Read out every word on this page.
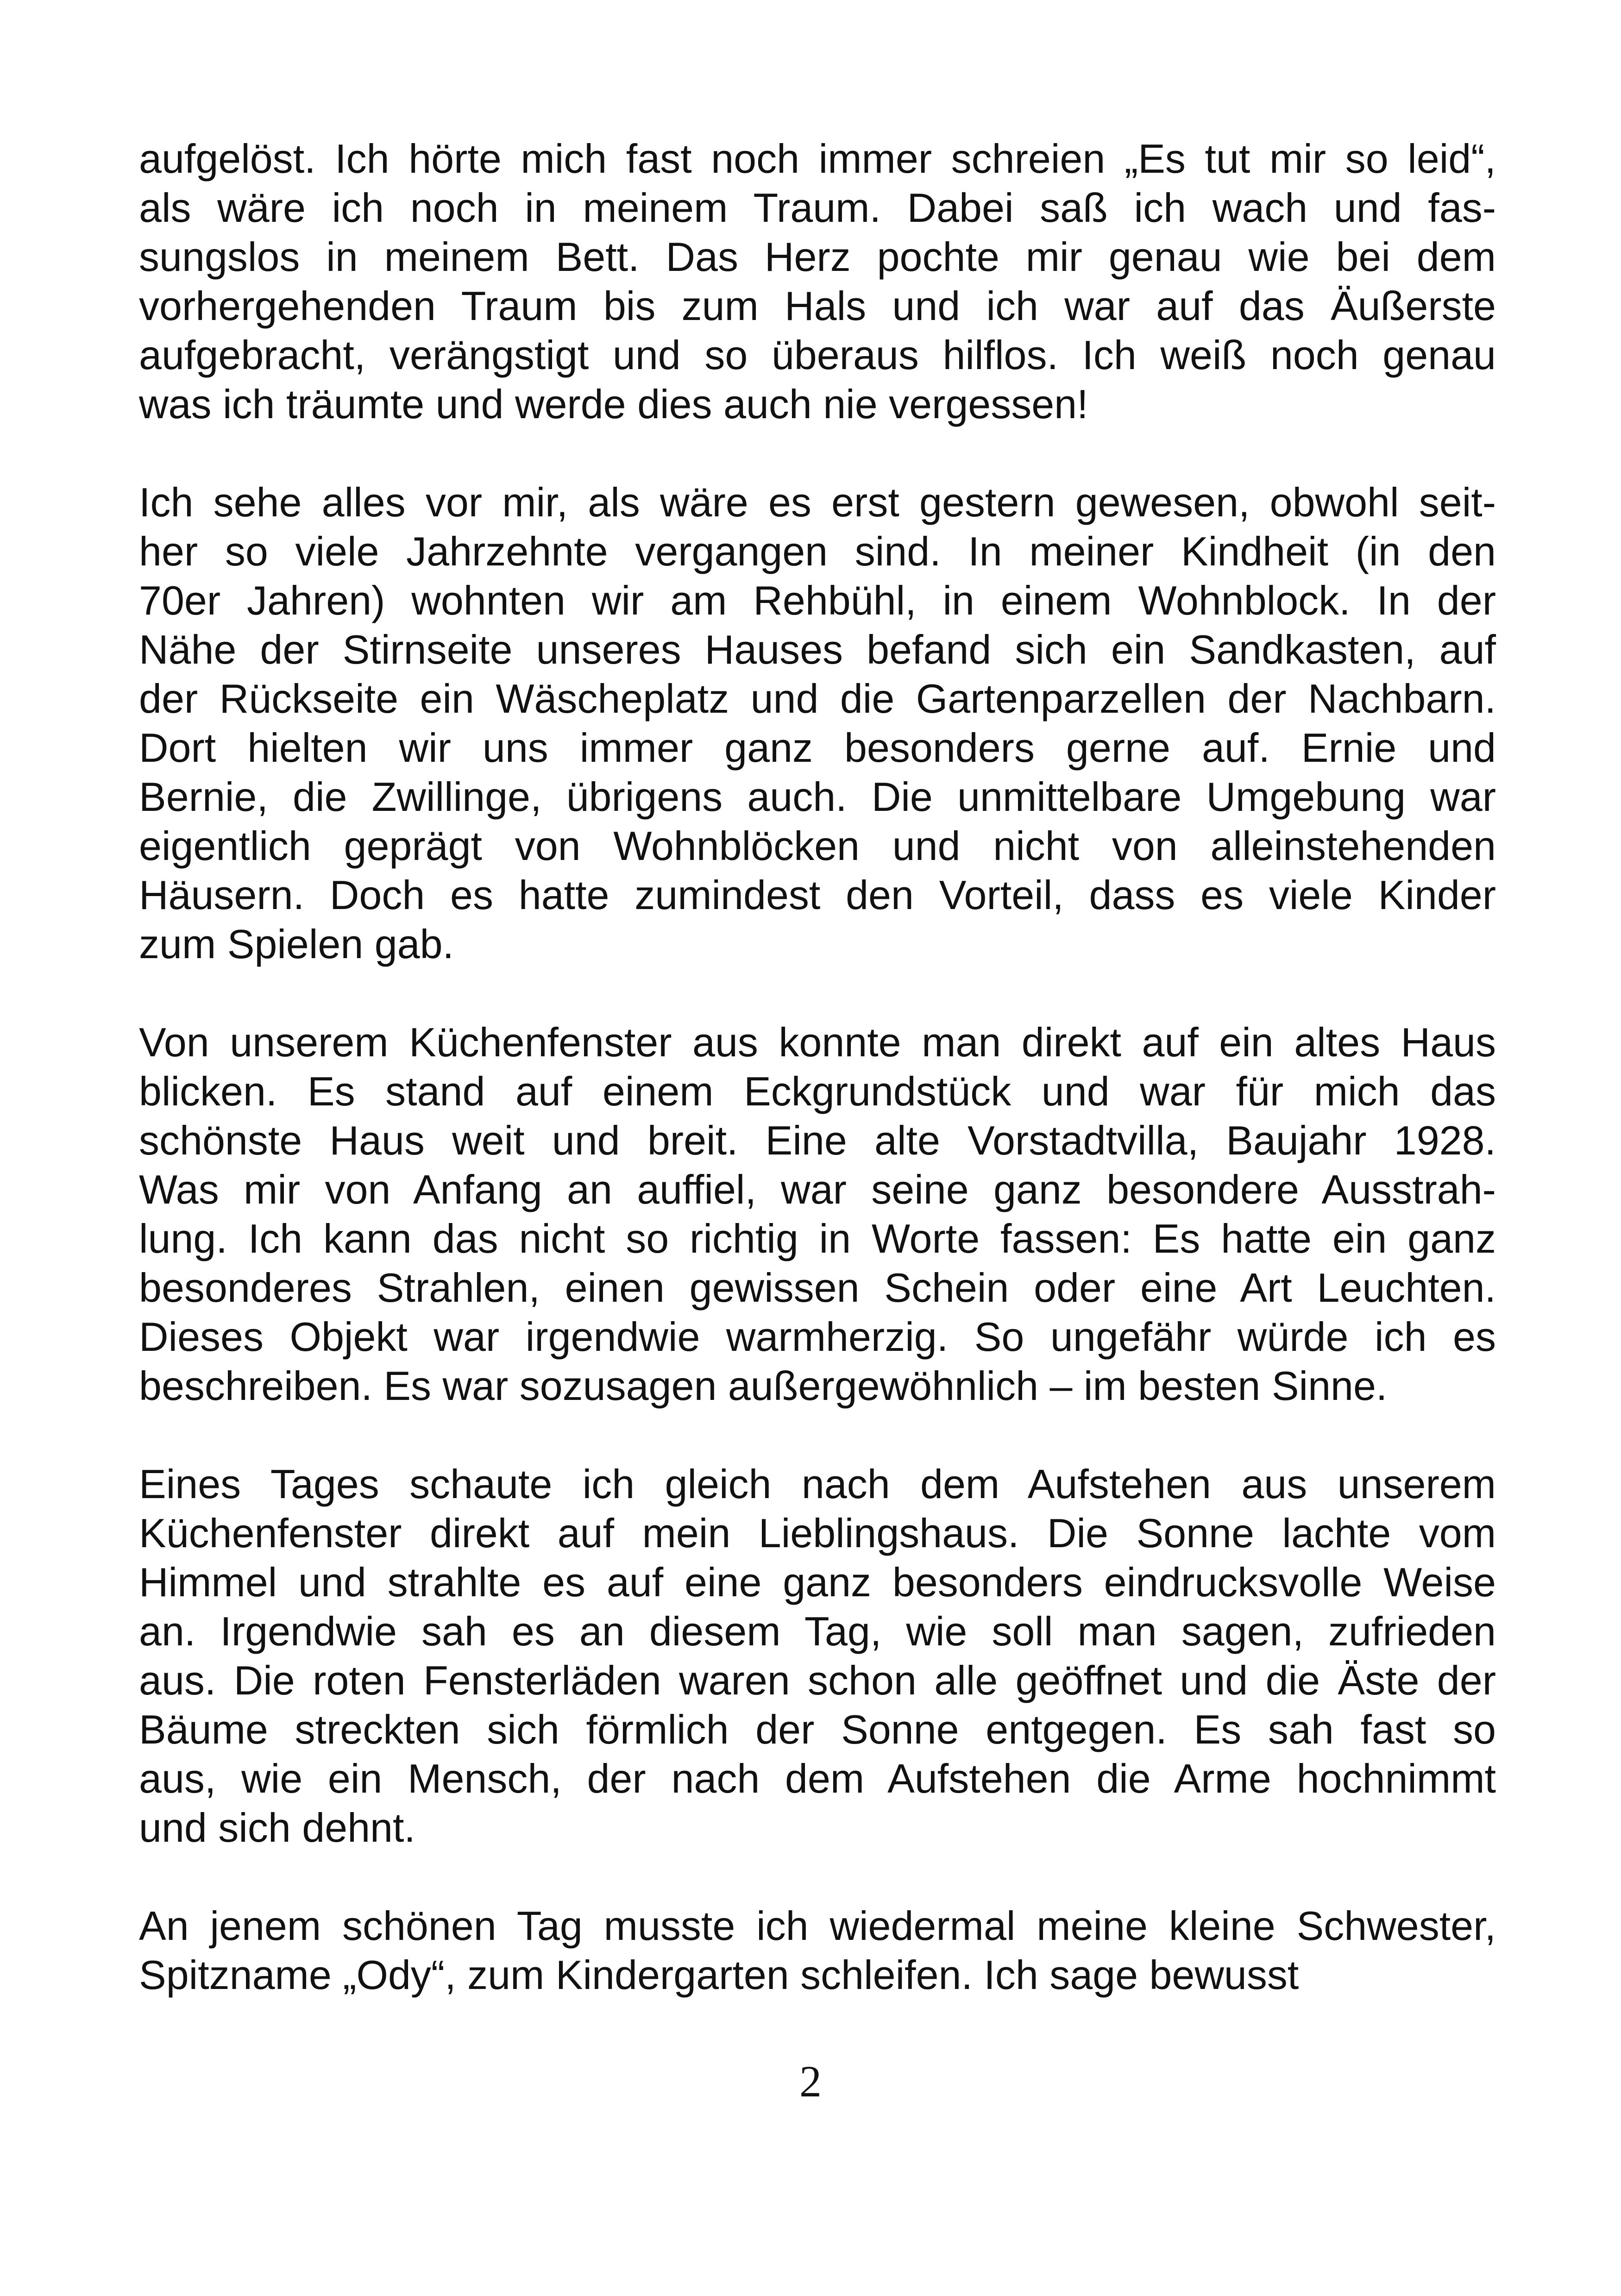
aufgelöst. Ich hörte mich fast noch immer schreien „Es tut mir so leid“,
als wäre ich noch in meinem Traum. Dabei saß ich wach und fas-
sungslos in meinem Bett. Das Herz pochte mir genau wie bei dem
vorhergehenden Traum bis zum Hals und ich war auf das Äußerste
aufgebracht, verängstigt und so überaus hilflos. Ich weiß noch genau
was ich träumte und werde dies auch nie vergessen!

Ich sehe alles vor mir, als wäre es erst gestern gewesen, obwohl seit-
her so viele Jahrzehnte vergangen sind. In meiner Kindheit (in den
70er Jahren) wohnten wir am Rehbühl, in einem Wohnblock. In der
Nähe der Stirnseite unseres Hauses befand sich ein Sandkasten, auf
der Rückseite ein Wäscheplatz und die Gartenparzellen der Nachbarn.
Dort hielten wir uns immer ganz besonders gerne auf. Ernie und
Bernie, die Zwillinge, übrigens auch. Die unmittelbare Umgebung war
eigentlich geprägt von Wohnblöcken und nicht von alleinstehenden
Häusern. Doch es hatte zumindest den Vorteil, dass es viele Kinder
zum Spielen gab.

Von unserem Küchenfenster aus konnte man direkt auf ein altes Haus
blicken. Es stand auf einem Eckgrundstück und war für mich das
schönste Haus weit und breit. Eine alte Vorstadtvilla, Baujahr 1928.
Was mir von Anfang an auffiel, war seine ganz besondere Ausstrah-
lung. Ich kann das nicht so richtig in Worte fassen: Es hatte ein ganz
besonderes Strahlen, einen gewissen Schein oder eine Art Leuchten.
Dieses Objekt war irgendwie warmherzig. So ungefähr würde ich es
beschreiben. Es war sozusagen außergewöhnlich – im besten Sinne.

Eines Tages schaute ich gleich nach dem Aufstehen aus unserem
Küchenfenster direkt auf mein Lieblingshaus. Die Sonne lachte vom
Himmel und strahlte es auf eine ganz besonders eindrucksvolle Weise
an. Irgendwie sah es an diesem Tag, wie soll man sagen, zufrieden
aus. Die roten Fensterläden waren schon alle geöffnet und die Äste der
Bäume streckten sich förmlich der Sonne entgegen. Es sah fast so
aus, wie ein Mensch, der nach dem Aufstehen die Arme hochnimmt
und sich dehnt.

An jenem schönen Tag musste ich wiedermal meine kleine Schwester,
Spitzname „Ody“, zum Kindergarten schleifen. Ich sage bewusst

2
